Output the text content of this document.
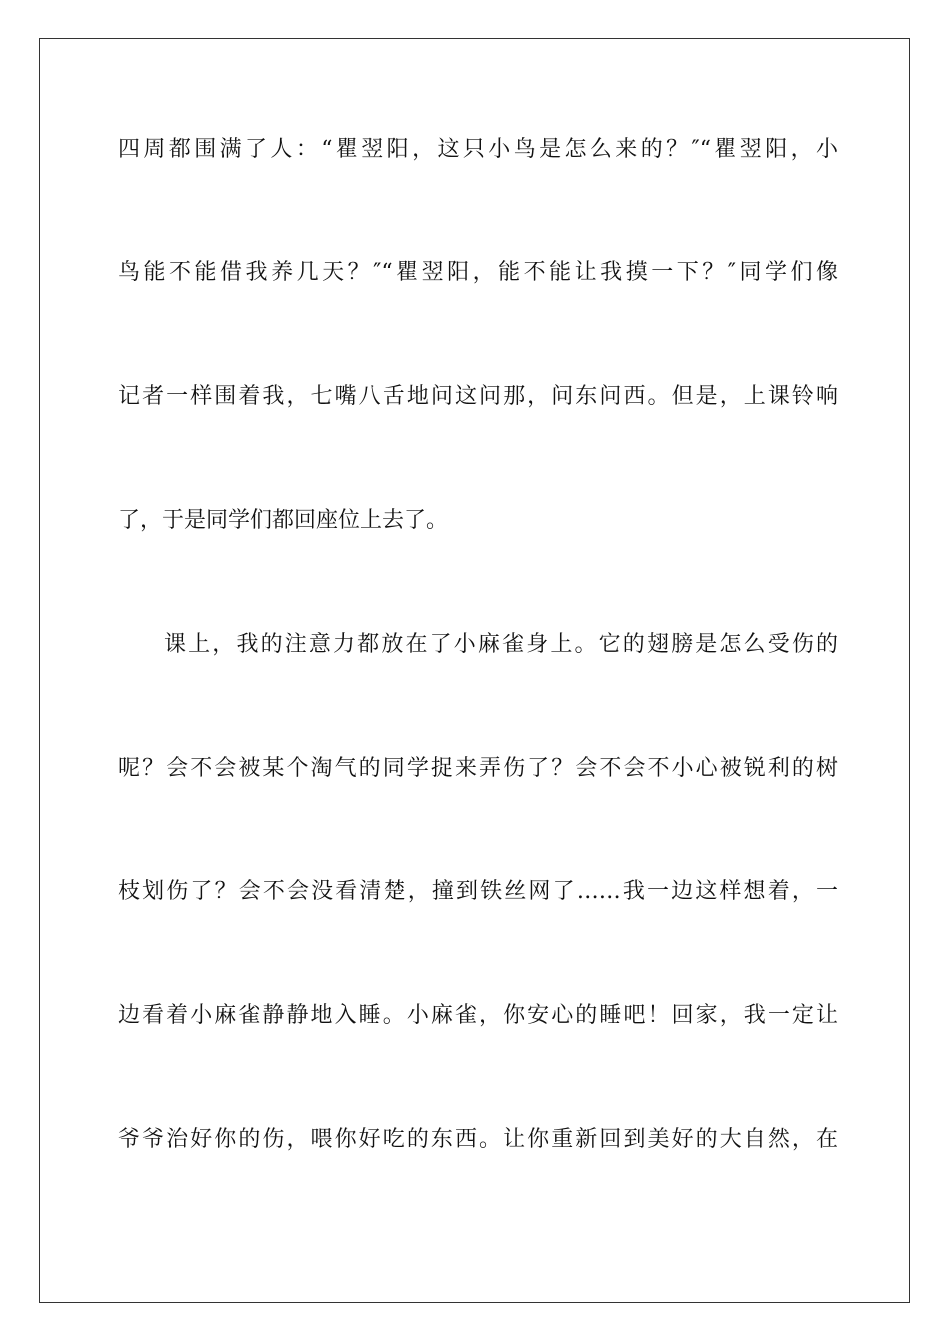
四周都围满了人：“瞿翌阳，这只小鸟是怎么来的？″“瞿翌阳，小
鸟能不能借我养几天？″“瞿翌阳，能不能让我摸一下？″同学们像
记者一样围着我，七嘴八舌地问这问那，问东问西。但是，上课铃响
了，于是同学们都回座位上去了。
课上，我的注意力都放在了小麻雀身上。它的翅膀是怎么受伤的
呢？会不会被某个淘气的同学捉来弄伤了？会不会不小心被锐利的树
枝划伤了？会不会没看清楚，撞到铁丝网了……我一边这样想着，一
边看着小麻雀静静地入睡。小麻雀，你安心的睡吧！回家，我一定让
爷爷治好你的伤，喂你好吃的东西。让你重新回到美好的大自然，在
